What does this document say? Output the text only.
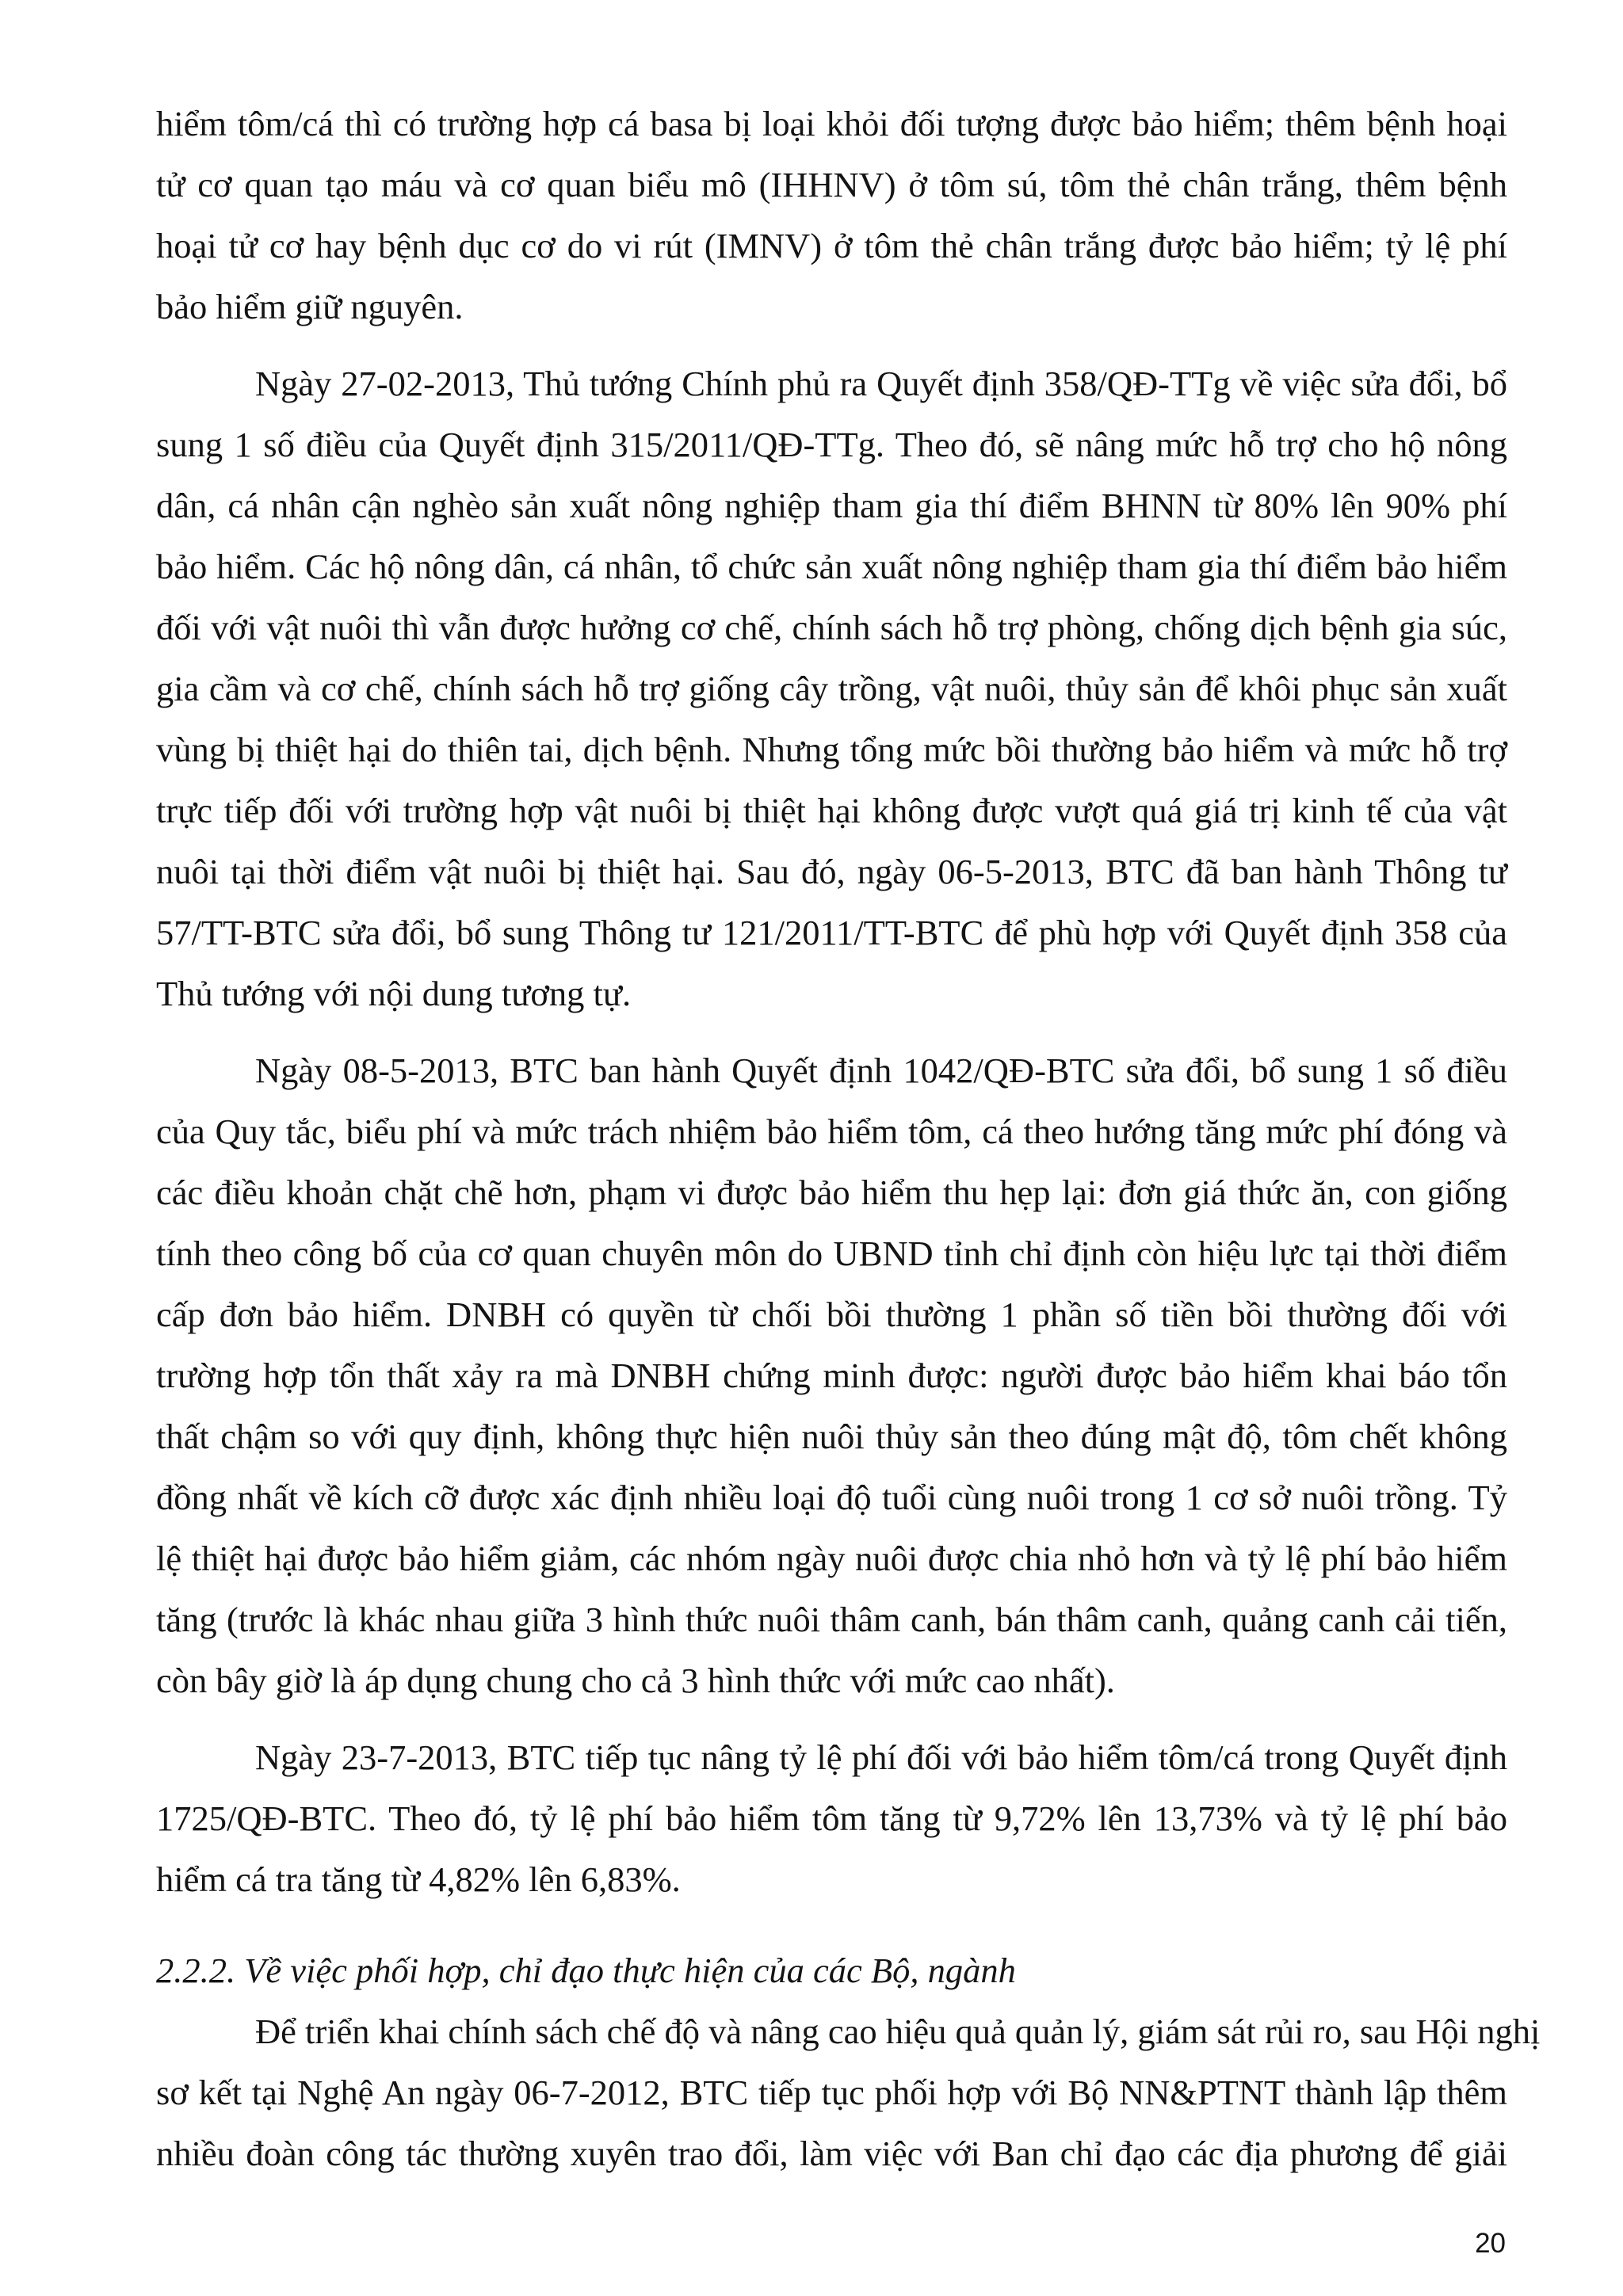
hiểm tôm/cá thì có trường hợp cá basa bị loại khỏi đối tượng được bảo hiểm; thêm bệnh hoại
tử cơ quan tạo máu và cơ quan biểu mô (IHHNV) ở tôm sú, tôm thẻ chân trắng, thêm bệnh
hoại tử cơ hay bệnh dục cơ do vi rút (IMNV) ở tôm thẻ chân trắng được bảo hiểm; tỷ lệ phí
bảo hiểm giữ nguyên.
Ngày 27-02-2013, Thủ tướng Chính phủ ra Quyết định 358/QĐ-TTg về việc sửa đổi, bổ
sung 1 số điều của Quyết định 315/2011/QĐ-TTg. Theo đó, sẽ nâng mức hỗ trợ cho hộ nông
dân, cá nhân cận nghèo sản xuất nông nghiệp tham gia thí điểm BHNN từ 80% lên 90% phí
bảo hiểm. Các hộ nông dân, cá nhân, tổ chức sản xuất nông nghiệp tham gia thí điểm bảo hiểm
đối với vật nuôi thì vẫn được hưởng cơ chế, chính sách hỗ trợ phòng, chống dịch bệnh gia súc,
gia cầm và cơ chế, chính sách hỗ trợ giống cây trồng, vật nuôi, thủy sản để khôi phục sản xuất
vùng bị thiệt hại do thiên tai, dịch bệnh. Nhưng tổng mức bồi thường bảo hiểm và mức hỗ trợ
trực tiếp đối với trường hợp vật nuôi bị thiệt hại không được vượt quá giá trị kinh tế của vật
nuôi tại thời điểm vật nuôi bị thiệt hại. Sau đó, ngày 06-5-2013, BTC đã ban hành Thông tư
57/TT-BTC sửa đổi, bổ sung Thông tư 121/2011/TT-BTC để phù hợp với Quyết định 358 của
Thủ tướng với nội dung tương tự.
Ngày 08-5-2013, BTC ban hành Quyết định 1042/QĐ-BTC sửa đổi, bổ sung 1 số điều
của Quy tắc, biểu phí và mức trách nhiệm bảo hiểm tôm, cá theo hướng tăng mức phí đóng và
các điều khoản chặt chẽ hơn, phạm vi được bảo hiểm thu hẹp lại: đơn giá thức ăn, con giống
tính theo công bố của cơ quan chuyên môn do UBND tỉnh chỉ định còn hiệu lực tại thời điểm
cấp đơn bảo hiểm. DNBH có quyền từ chối bồi thường 1 phần số tiền bồi thường đối với
trường hợp tổn thất xảy ra mà DNBH chứng minh được: người được bảo hiểm khai báo tổn
thất chậm so với quy định, không thực hiện nuôi thủy sản theo đúng mật độ, tôm chết không
đồng nhất về kích cỡ được xác định nhiều loại độ tuổi cùng nuôi trong 1 cơ sở nuôi trồng. Tỷ
lệ thiệt hại được bảo hiểm giảm, các nhóm ngày nuôi được chia nhỏ hơn và tỷ lệ phí bảo hiểm
tăng (trước là khác nhau giữa 3 hình thức nuôi thâm canh, bán thâm canh, quảng canh cải tiến,
còn bây giờ là áp dụng chung cho cả 3 hình thức với mức cao nhất).
Ngày 23-7-2013, BTC tiếp tục nâng tỷ lệ phí đối với bảo hiểm tôm/cá trong Quyết định
1725/QĐ-BTC. Theo đó, tỷ lệ phí bảo hiểm tôm tăng từ 9,72% lên 13,73% và tỷ lệ phí bảo
hiểm cá tra tăng từ 4,82% lên 6,83%.
2.2.2. Về việc phối hợp, chỉ đạo thực hiện của các Bộ, ngành
Để triển khai chính sách chế độ và nâng cao hiệu quả quản lý, giám sát rủi ro, sau Hội nghị
sơ kết tại Nghệ An ngày 06-7-2012, BTC tiếp tục phối hợp với Bộ NN&PTNT thành lập thêm
nhiều đoàn công tác thường xuyên trao đổi, làm việc với Ban chỉ đạo các địa phương để giải
20
